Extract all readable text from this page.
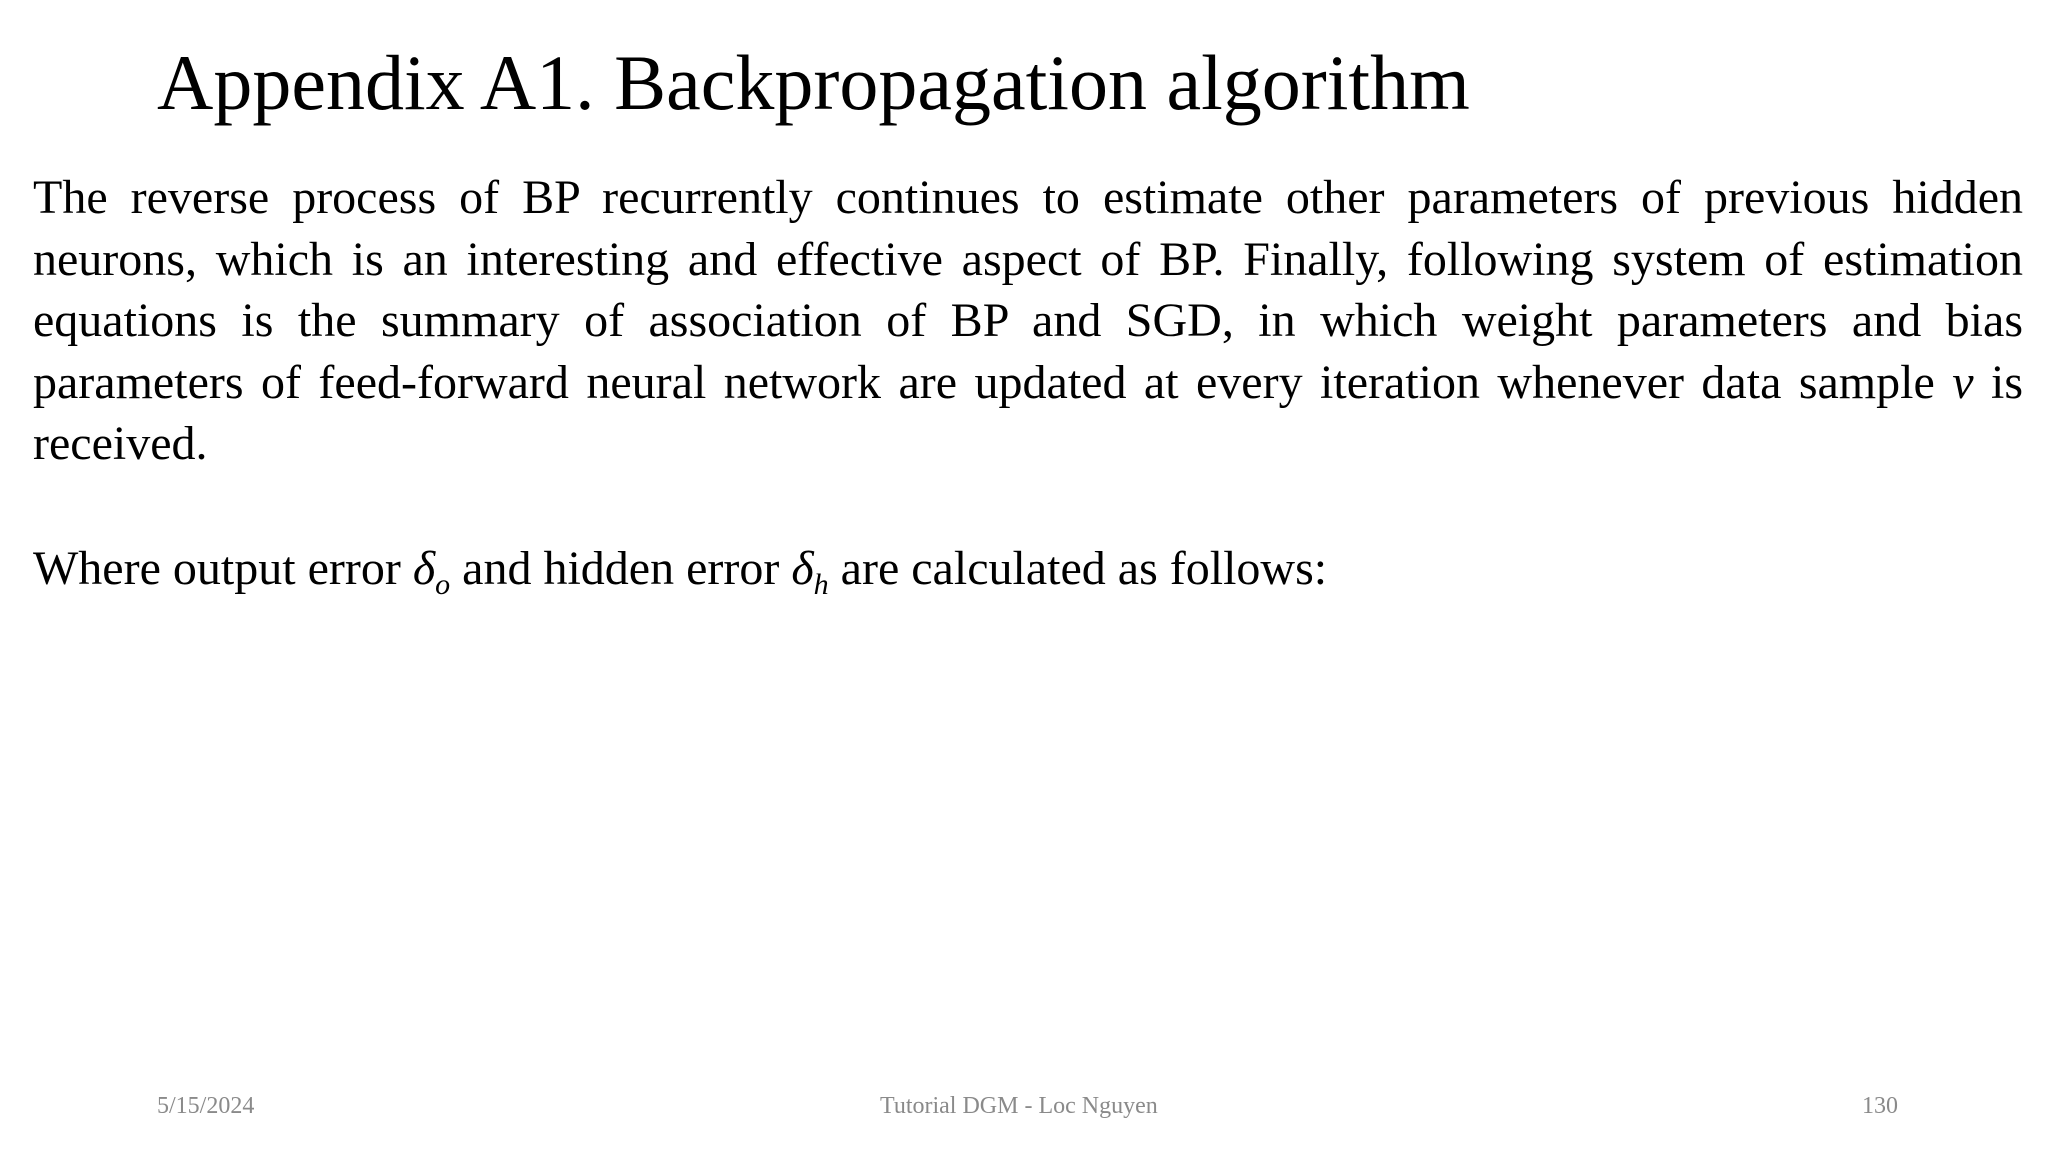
Appendix A1. Backpropagation algorithm

The reverse process of BP recurrently continues to estimate other parameters of previous hidden neurons, which is an interesting and effective aspect of BP. Finally, following system of estimation equations is the summary of association of BP and SGD, in which weight parameters and bias parameters of feed-forward neural network are updated at every iteration whenever data sample v is received.

Where output error $\delta_o$ and hidden error $\delta_h$ are calculated as follows:

5/15/2024	Tutorial DGM - Loc Nguyen	130
